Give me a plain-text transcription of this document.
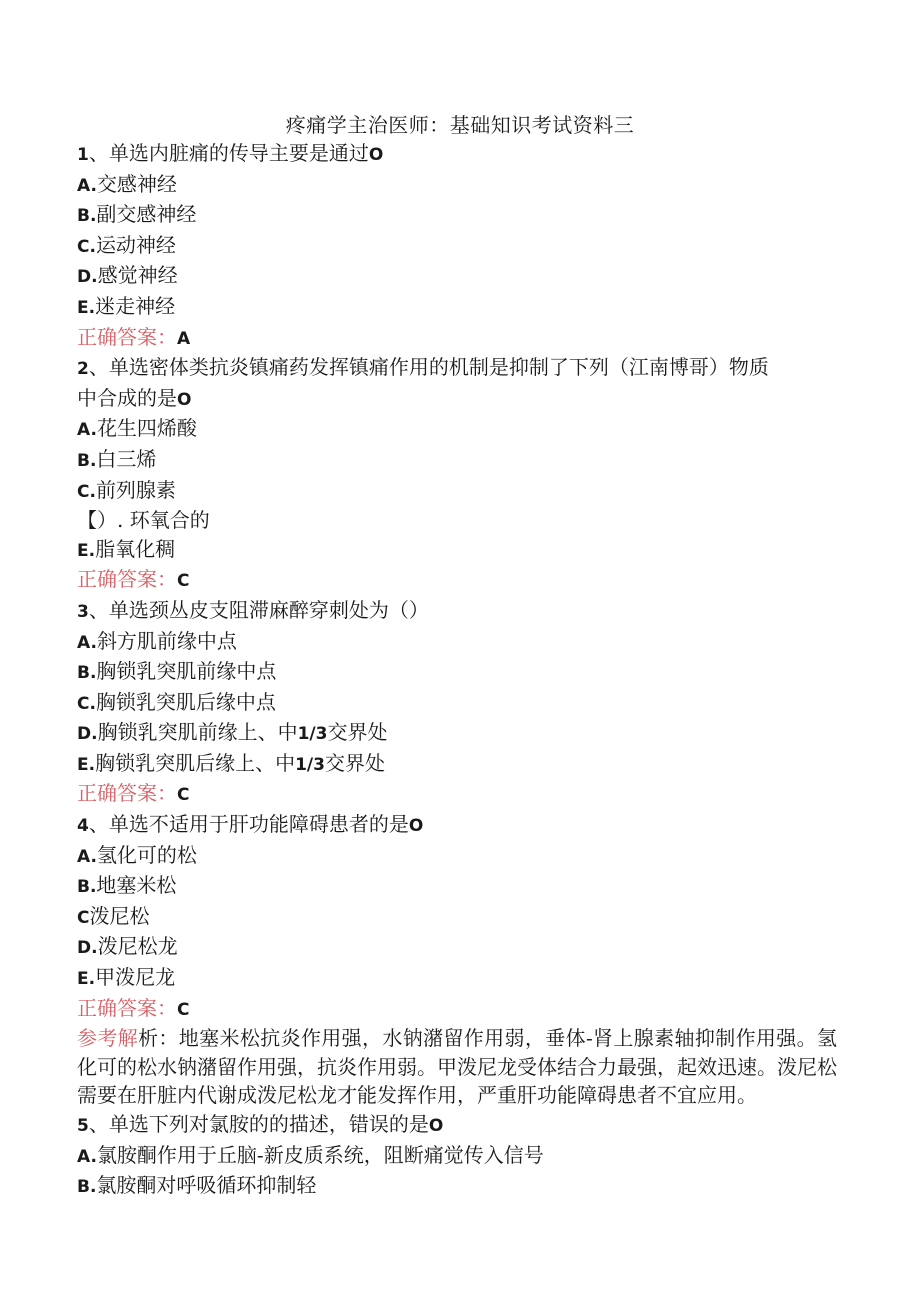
疼痛学主治医师：基础知识考试资料三
1、单选内脏痛的传导主要是通过O
A.交感神经
B.副交感神经
C.运动神经
D.感觉神经
E.迷走神经
正确答案：A
2、单选密体类抗炎镇痛药发挥镇痛作用的机制是抑制了下列（江南博哥）物质
中合成的是O
A.花生四烯酸
B.白三烯
C.前列腺素
【）. 环氧合的
E.脂氧化稠
正确答案：C
3、单选颈丛皮支阻滞麻醉穿刺处为（）
A.斜方肌前缘中点
B.胸锁乳突肌前缘中点
C.胸锁乳突肌后缘中点
D.胸锁乳突肌前缘上、中1/3交界处
E.胸锁乳突肌后缘上、中1/3交界处
正确答案：C
4、单选不适用于肝功能障碍患者的是O
A.氢化可的松
B.地塞米松
C泼尼松
D.泼尼松龙
E.甲泼尼龙
正确答案：C
参考解析：地塞米松抗炎作用强，水钠潴留作用弱，垂体-肾上腺素轴抑制作用强。氢化可的松水钠潴留作用强，抗炎作用弱。甲泼尼龙受体结合力最强，起效迅速。泼尼松需要在肝脏内代谢成泼尼松龙才能发挥作用，严重肝功能障碍患者不宜应用。
5、单选下列对氯胺的的描述，错误的是O
A.氯胺酮作用于丘脑-新皮质系统，阻断痛觉传入信号
B.氯胺酮对呼吸循环抑制轻
